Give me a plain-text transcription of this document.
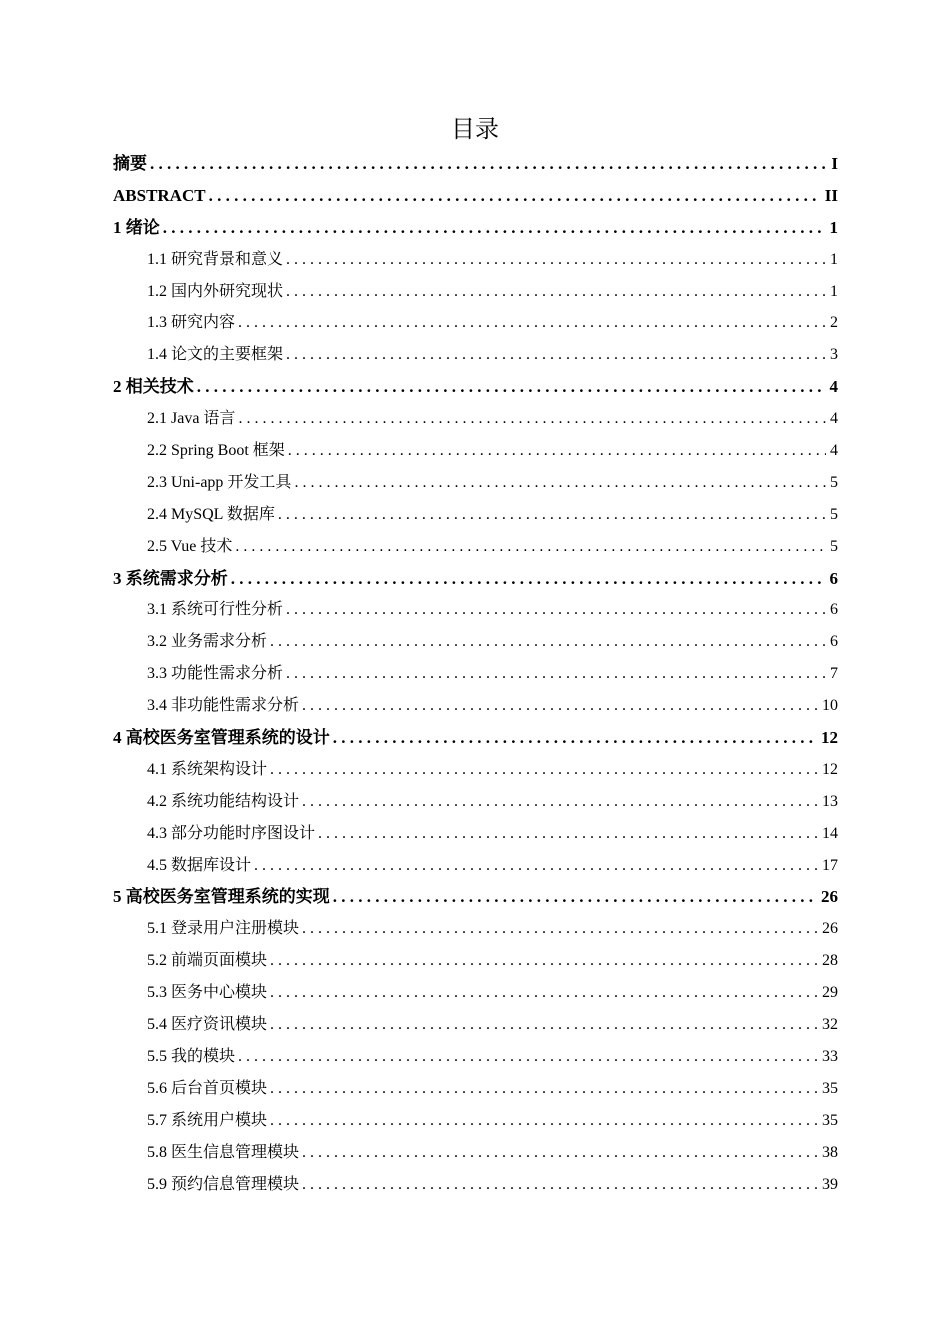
目录
摘要 . . .	I
ABSTRACT . . .	II
1 绪论 . . .	1
1.1 研究背景和意义 . . .	1
1.2 国内外研究现状 . . .	1
1.3 研究内容 . . .	2
1.4 论文的主要框架 . . .	3
2 相关技术 . . .	4
2.1 Java 语言 . . .	4
2.2 Spring Boot 框架 . . .	4
2.3 Uni-app 开发工具 . . .	5
2.4 MySQL 数据库 . . .	5
2.5 Vue 技术 . . .	5
3 系统需求分析 . . .	6
3.1 系统可行性分析 . . .	6
3.2 业务需求分析 . . .	6
3.3 功能性需求分析 . . .	7
3.4 非功能性需求分析 . . .	10
4 高校医务室管理系统的设计 . . .	12
4.1 系统架构设计 . . .	12
4.2 系统功能结构设计 . . .	13
4.3 部分功能时序图设计 . . .	14
4.5 数据库设计 . . .	17
5 高校医务室管理系统的实现 . . .	26
5.1 登录用户注册模块 . . .	26
5.2 前端页面模块 . . .	28
5.3 医务中心模块 . . .	29
5.4 医疗资讯模块 . . .	32
5.5 我的模块 . . .	33
5.6 后台首页模块 . . .	35
5.7 系统用户模块 . . .	35
5.8 医生信息管理模块 . . .	38
5.9 预约信息管理模块 . . .	39
